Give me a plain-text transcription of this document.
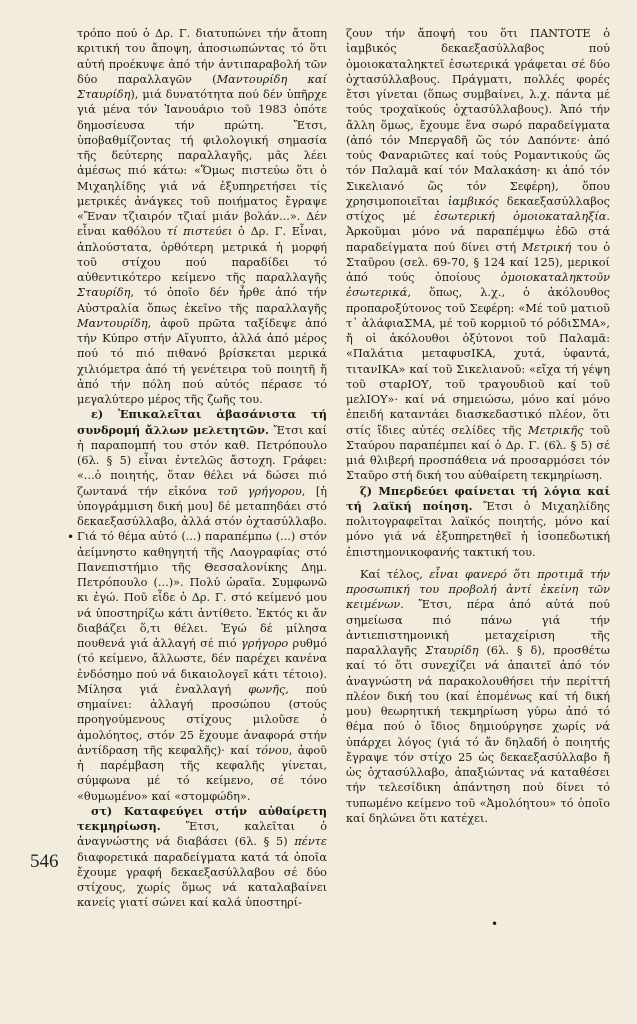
τρόπο πού ὁ Δρ. Γ. διατυπώνει τήν ἄτοπη κριτική του ἄποψη, ἀποσιωπώντας τό ὅτι αὐτή προέκυψε ἀπό τήν ἀντιπαραβολή τῶν δύο παραλλαγῶν (Μαντουρίδη καί Σταυρίδη), μιά δυνατότητα πού δέν ὑπῆρχε γιά μένα τόν Ἰανουάριο τοῦ 1983 ὁπότε δημοσίευσα τήν πρώτη. Ἔτσι, ὑποβαθμίζοντας τή φιλολογική σημασία τῆς δεύτερης παραλλαγῆς, μᾶς λέει ἀμέσως πιό κάτω: «Ὅμως πιστεύω ὅτι ὁ Μιχαηλίδης γιά νά ἐξυπηρετήσει τίς μετρικές ἀνάγκες τοῦ ποιήματος ἔγραψε «Ἔναν τζιαιρόν τζιαί μιάν βολάν...». Δέν εἶναι καθόλου τί πιστεύει ὁ Δρ. Γ. Εἶναι, ἁπλούστατα, ὀρθότερη μετρικά ἡ μορφή τοῦ στίχου πού παραδίδει τό αὐθεντικότερο κείμενο τῆς παραλλαγῆς Σταυρίδη, τό ὁποῖο δέν ἦρθε ἀπό τήν Αὐστραλία ὅπως ἐκεῖνο τῆς παραλλαγῆς Μαντουρίδη, ἀφοῦ πρῶτα ταξίδεψε ἀπό τήν Κύπρο στήν Αἴγυπτο, ἀλλά ἀπό μέρος πού τό πιό πιθανό βρίσκεται μερικά χιλιόμετρα ἀπό τή γενέτειρα τοῦ ποιητῆ ἤ ἀπό τήν πόλη πού αὐτός πέρασε τό μεγαλύτερο μέρος τῆς ζωῆς του.

ε) Ἐπικαλεῖται ἀβασάνιστα τή συνδρομή ἄλλων μελετητῶν. Ἔτσι καί ἡ παραπομπή του στόν καθ. Πετρόπουλο (6λ. § 5) εἶναι ἐντελῶς ἄστοχη. Γράφει: «...ὁ ποιητής, ὅταν θέλει νά δώσει πιό ζωντανά τήν εἰκόνα τοῦ γρήγορου, [ἡ ὑπογράμμιση δική μου] δέ μεταπηδάει στό δεκαεξασύλλαβο, ἀλλά στόν ὀχτασύλλαβο. Γιά τό θέμα αὐτό (...) παραπέμπω (...) στόν ἀείμνηστο καθηγητή τῆς Λαογραφίας στό Πανεπιστήμιο τῆς Θεσσαλονίκης Δημ. Πετρόπουλο (...)». Πολύ ὡραῖα. Συμφωνῶ κι ἐγώ. Ποῦ εἶδε ὁ Δρ. Γ. στό κείμενό μου νά ὑποστηρίζω κάτι ἀντίθετο. Ἐκτός κι ἄν διαβάζει ὅ,τι θέλει. Ἐγώ δέ μίλησα πουθενά γιά ἀλλαγή σέ πιό γρήγορο ρυθμό (τό κείμενο, ἄλλωστε, δέν παρέχει κανένα ἐνδόσημο πού νά δικαιολογεῖ κάτι τέτοιο). Μίλησα γιά ἐναλλαγή φωνῆς, πού σημαίνει: ἀλλαγή προσώπου (στούς προηγούμενους στίχους μιλοῦσε ὁ ἀμολόητος, στόν 25 ἔχουμε ἀναφορά στήν ἀντίδραση τῆς κεφαλῆς)· καί τόνου, ἀφοῦ ἡ παρέμβαση τῆς κεφαλῆς γίνεται, σύμφωνα μέ τό κείμενο, σέ τόνο «θυμωμένο» καί «στομφώδη».

στ) Καταφεύγει στήν αὐθαίρετη τεκμηρίωση. Ἔτσι, καλεῖται ὁ ἀναγνώστης νά διαβάσει (6λ. § 5) πέντε διαφορετικά παραδείγματα κατά τά ὁποῖα ἔχουμε γραφή δεκαεξασύλλαβου σέ δύο στίχους, χωρίς ὅμως νά καταλαβαίνει κανείς γιατί σώνει καί καλά ὑποστηρί-

ζουν τήν ἄποψή του ὅτι ΠΑΝΤΟΤΕ ὁ ἰαμβικός δεκαεξασύλλαβος πού ὁμοιοκαταληκτεῖ ἐσωτερικά γράφεται σέ δύο ὀχτασύλλαβους. Πράγματι, πολλές φορές ἔτσι γίνεται (ὅπως συμβαίνει, λ.χ. πάντα μέ τούς τροχαϊκούς ὀχτασύλλαβους). Ἀπό τήν ἄλλη ὅμως, ἔχουμε ἕνα σωρό παραδείγματα (ἀπό τόν Μπεργαδῆ ὥς τόν Δαπόντε· ἀπό τούς Φαναριῶτες καί τούς Ρομαντικούς ὥς τόν Παλαμᾶ καί τόν Μαλακάση· κι ἀπό τόν Σικελιανό ὥς τόν Σεφέρη), ὅπου χρησιμοποιεῖται ἰαμβικός δεκαεξασύλλαβος στίχος μέ ἐσωτερική ὁμοιοκαταληξία. Ἀρκοῦμαι μόνο νά παραπέμψω ἐδῶ στά παραδείγματα πού δίνει στή Μετρική του ὁ Σταῦρου (σελ. 69-70, § 124 καί 125), μερικοί ἀπό τούς ὁποίους ὁμοιοκαταληκτοῦν ἐσωτερικά, ὅπως, λ.χ., ὁ ἀκόλουθος προπαροξύτονος τοῦ Σεφέρη: «Μέ τοῦ ματιοῦ τ᾿ ἀλάφιαΣΜΑ, μέ τοῦ κορμιοῦ τό ρόδιΣΜΑ», ἤ οἱ ἀκόλουθοι ὀξύτονοι τοῦ Παλαμᾶ: «Παλάτια μεταφυσΙΚΑ, χυτά, ὑφαντά, τιτανΙΚΑ» καί τοῦ Σικελιανοῦ: «εἴχα τή γέψη τοῦ σταρΙΟΥ, τοῦ τραγουδιοῦ καί τοῦ μελΙΟΥ»· καί νά σημειώσω, μόνο καί μόνο ἐπειδή καταντάει διασκεδαστικό πλέον, ὅτι στίς ἴδιες αὐτές σελίδες τῆς Μετρικῆς τοῦ Σταύρου παραπέμπει καί ὁ Δρ. Γ. (6λ. § 5) σέ μιά θλιβερή προσπάθεια νά προσαρμόσει τόν Σταῦρο στή δική του αὐθαίρετη τεκμηρίωση.

ζ) Μπερδεύει φαίνεται τή λόγια καί τή λαϊκή ποίηση. Ἔτσι ὁ Μιχαηλίδης πολιτογραφεῖται λαϊκός ποιητής, μόνο καί μόνο γιά νά ἐξυπηρετηθεῖ ἡ ἰσοπεδωτική ἐπιστημονικοφανής τακτική του.

Καί τέλος, εἶναι φανερό ὅτι προτιμᾶ τήν προσωπική του προβολή ἀντί ἐκείνη τῶν κειμένων. Ἔτσι, πέρα ἀπό αὐτά πού σημείωσα πιό πάνω γιά τήν ἀντιεπιστημονική μεταχείριση τῆς παραλλαγῆς Σταυρίδη (6λ. § δ), προσθέτω καί τό ὅτι συνεχίζει νά ἀπαιτεῖ ἀπό τόν ἀναγνώστη νά παρακολουθήσει τήν περίττή πλέον δική του (καί ἑπομένως καί τή δική μου) θεωρητική τεκμηρίωση γύρω ἀπό τό θέμα πού ὁ ἴδιος δημιούργησε χωρίς νά ὑπάρχει λόγος (γιά τό ἄν δηλαδή ὁ ποιητής ἔγραψε τόν στίχο 25 ὡς δεκαεξασύλλαβο ἤ ὡς ὀχτασύλλαβο, ἀπαξιώντας νά καταθέσει τήν τελεσίδικη ἀπάντηση πού δίνει τό τυπωμένο κείμενο τοῦ «Ἀμολόητου» τό ὁποῖο καί δηλώνει ὅτι κατέχει.

•
546
•
